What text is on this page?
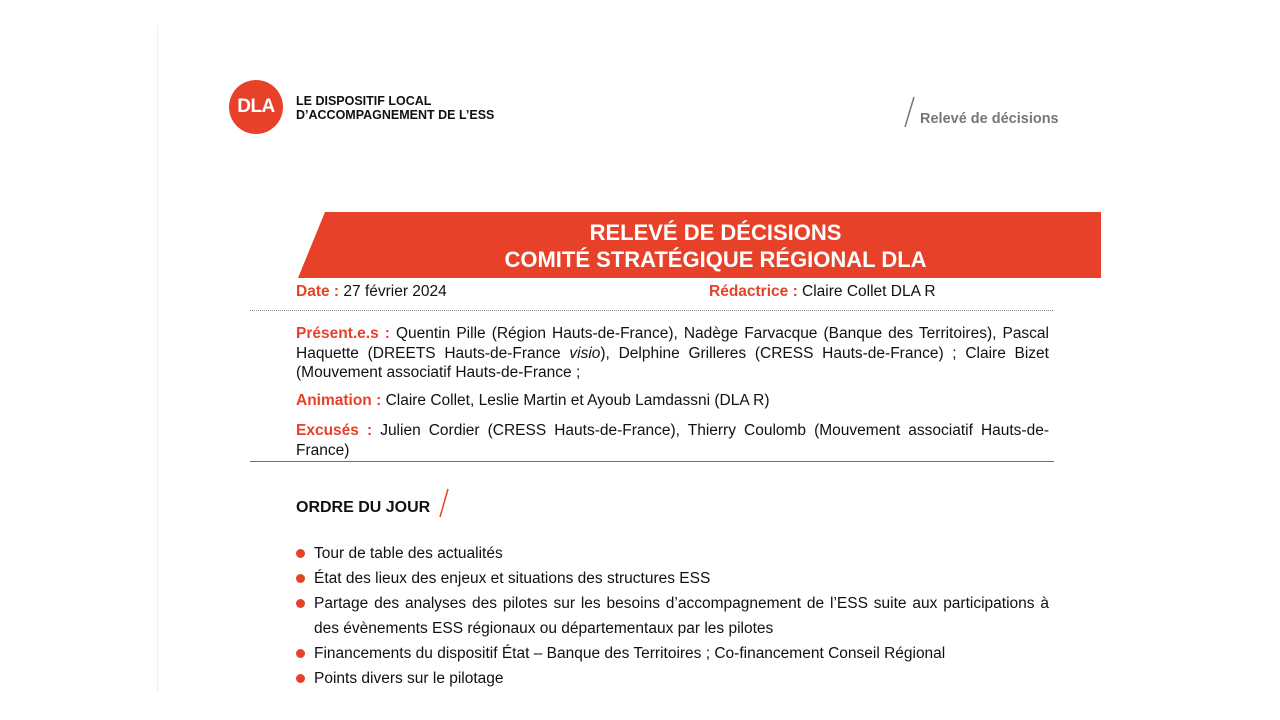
DLA LE DISPOSITIF LOCAL
D’ACCOMPAGNEMENT DE L’ESS	Relevé de décisions
RELEVÉ DE DÉCISIONS
COMITÉ STRATÉGIQUE RÉGIONAL DLA
Date : 27 février 2024	Rédactrice : Claire Collet DLA R
Présent.e.s : Quentin Pille (Région Hauts-de-France), Nadège Farvacque (Banque des Territoires), Pascal Haquette (DREETS Hauts-de-France visio), Delphine Grilleres (CRESS Hauts-de-France) ; Claire Bizet (Mouvement associatif Hauts-de-France ;
Animation : Claire Collet, Leslie Martin et Ayoub Lamdassni (DLA R)
Excusés : Julien Cordier (CRESS Hauts-de-France), Thierry Coulomb (Mouvement associatif Hauts-de-France)
ORDRE DU JOUR
Tour de table des actualités
État des lieux des enjeux et situations des structures ESS
Partage des analyses des pilotes sur les besoins d’accompagnement de l’ESS suite aux participations à des évènements ESS régionaux ou départementaux par les pilotes
Financements du dispositif État – Banque des Territoires ; Co-financement Conseil Régional
Points divers sur le pilotage
